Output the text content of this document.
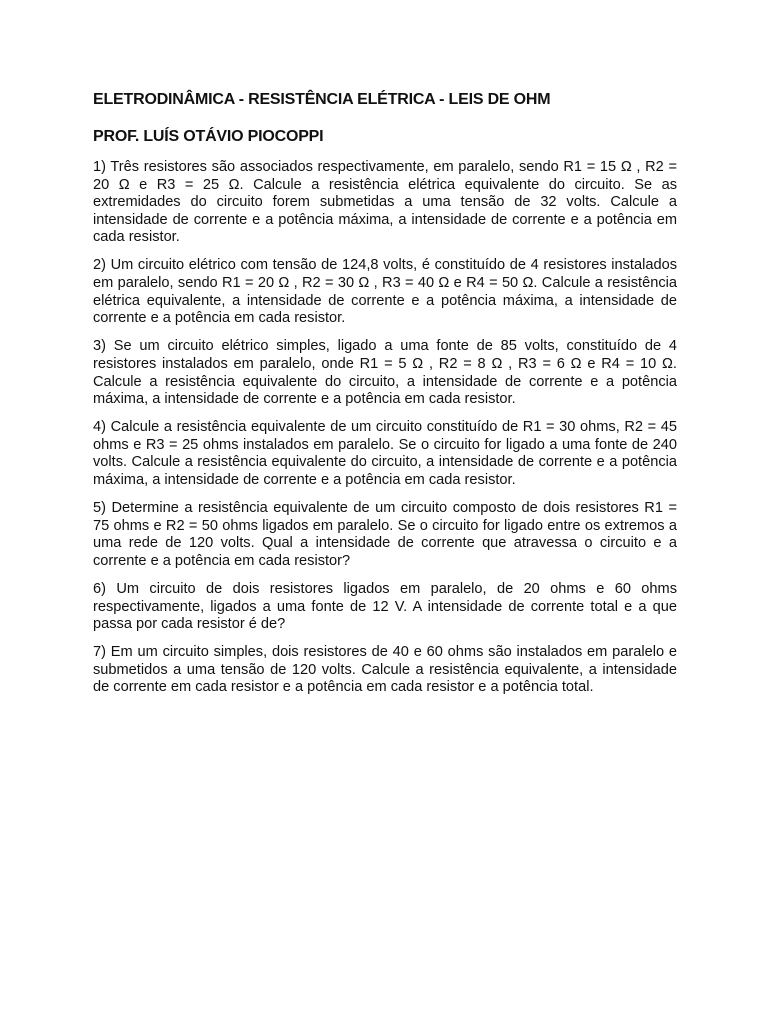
ELETRODINÂMICA - RESISTÊNCIA ELÉTRICA - LEIS DE OHM
PROF. LUÍS OTÁVIO PIOCOPPI

1) Três resistores são associados respectivamente, em paralelo, sendo R1 = 15 Ω , R2 = 20 Ω e R3 = 25 Ω. Calcule a resistência elétrica equivalente do circuito. Se as extremidades do circuito forem submetidas a uma tensão de 32 volts. Calcule a intensidade de corrente e a potência máxima, a intensidade de corrente e a potência em cada resistor.

2) Um circuito elétrico com tensão de 124,8 volts, é constituído de 4 resistores instalados em paralelo, sendo R1 = 20 Ω , R2 = 30 Ω , R3 = 40 Ω e R4 = 50 Ω. Calcule a resistência elétrica equivalente, a intensidade de corrente e a potência máxima, a intensidade de corrente e a potência em cada resistor.

3) Se um circuito elétrico simples, ligado a uma fonte de 85 volts, constituído de 4 resistores instalados em paralelo, onde R1 = 5 Ω , R2 = 8 Ω , R3 = 6 Ω e R4 = 10 Ω. Calcule a resistência equivalente do circuito, a intensidade de corrente e a potência máxima, a intensidade de corrente e a potência em cada resistor.

4) Calcule a resistência equivalente de um circuito constituído de R1 = 30 ohms, R2 = 45 ohms e R3 = 25 ohms instalados em paralelo. Se o circuito for ligado a uma fonte de 240 volts. Calcule a resistência equivalente do circuito, a intensidade de corrente e a potência máxima, a intensidade de corrente e a potência em cada resistor.

5) Determine a resistência equivalente de um circuito composto de dois resistores R1 = 75 ohms e R2 = 50 ohms ligados em paralelo. Se o circuito for ligado entre os extremos a uma rede de 120 volts. Qual a intensidade de corrente que atravessa o circuito e a corrente e a potência em cada resistor?

6) Um circuito de dois resistores ligados em paralelo, de 20 ohms e 60 ohms respectivamente, ligados a uma fonte de 12 V. A intensidade de corrente total e a que passa por cada resistor é de?

7) Em um circuito simples, dois resistores de 40 e 60 ohms são instalados em paralelo e submetidos a uma tensão de 120 volts. Calcule a resistência equivalente, a intensidade de corrente em cada resistor e a potência em cada resistor e a potência total.
